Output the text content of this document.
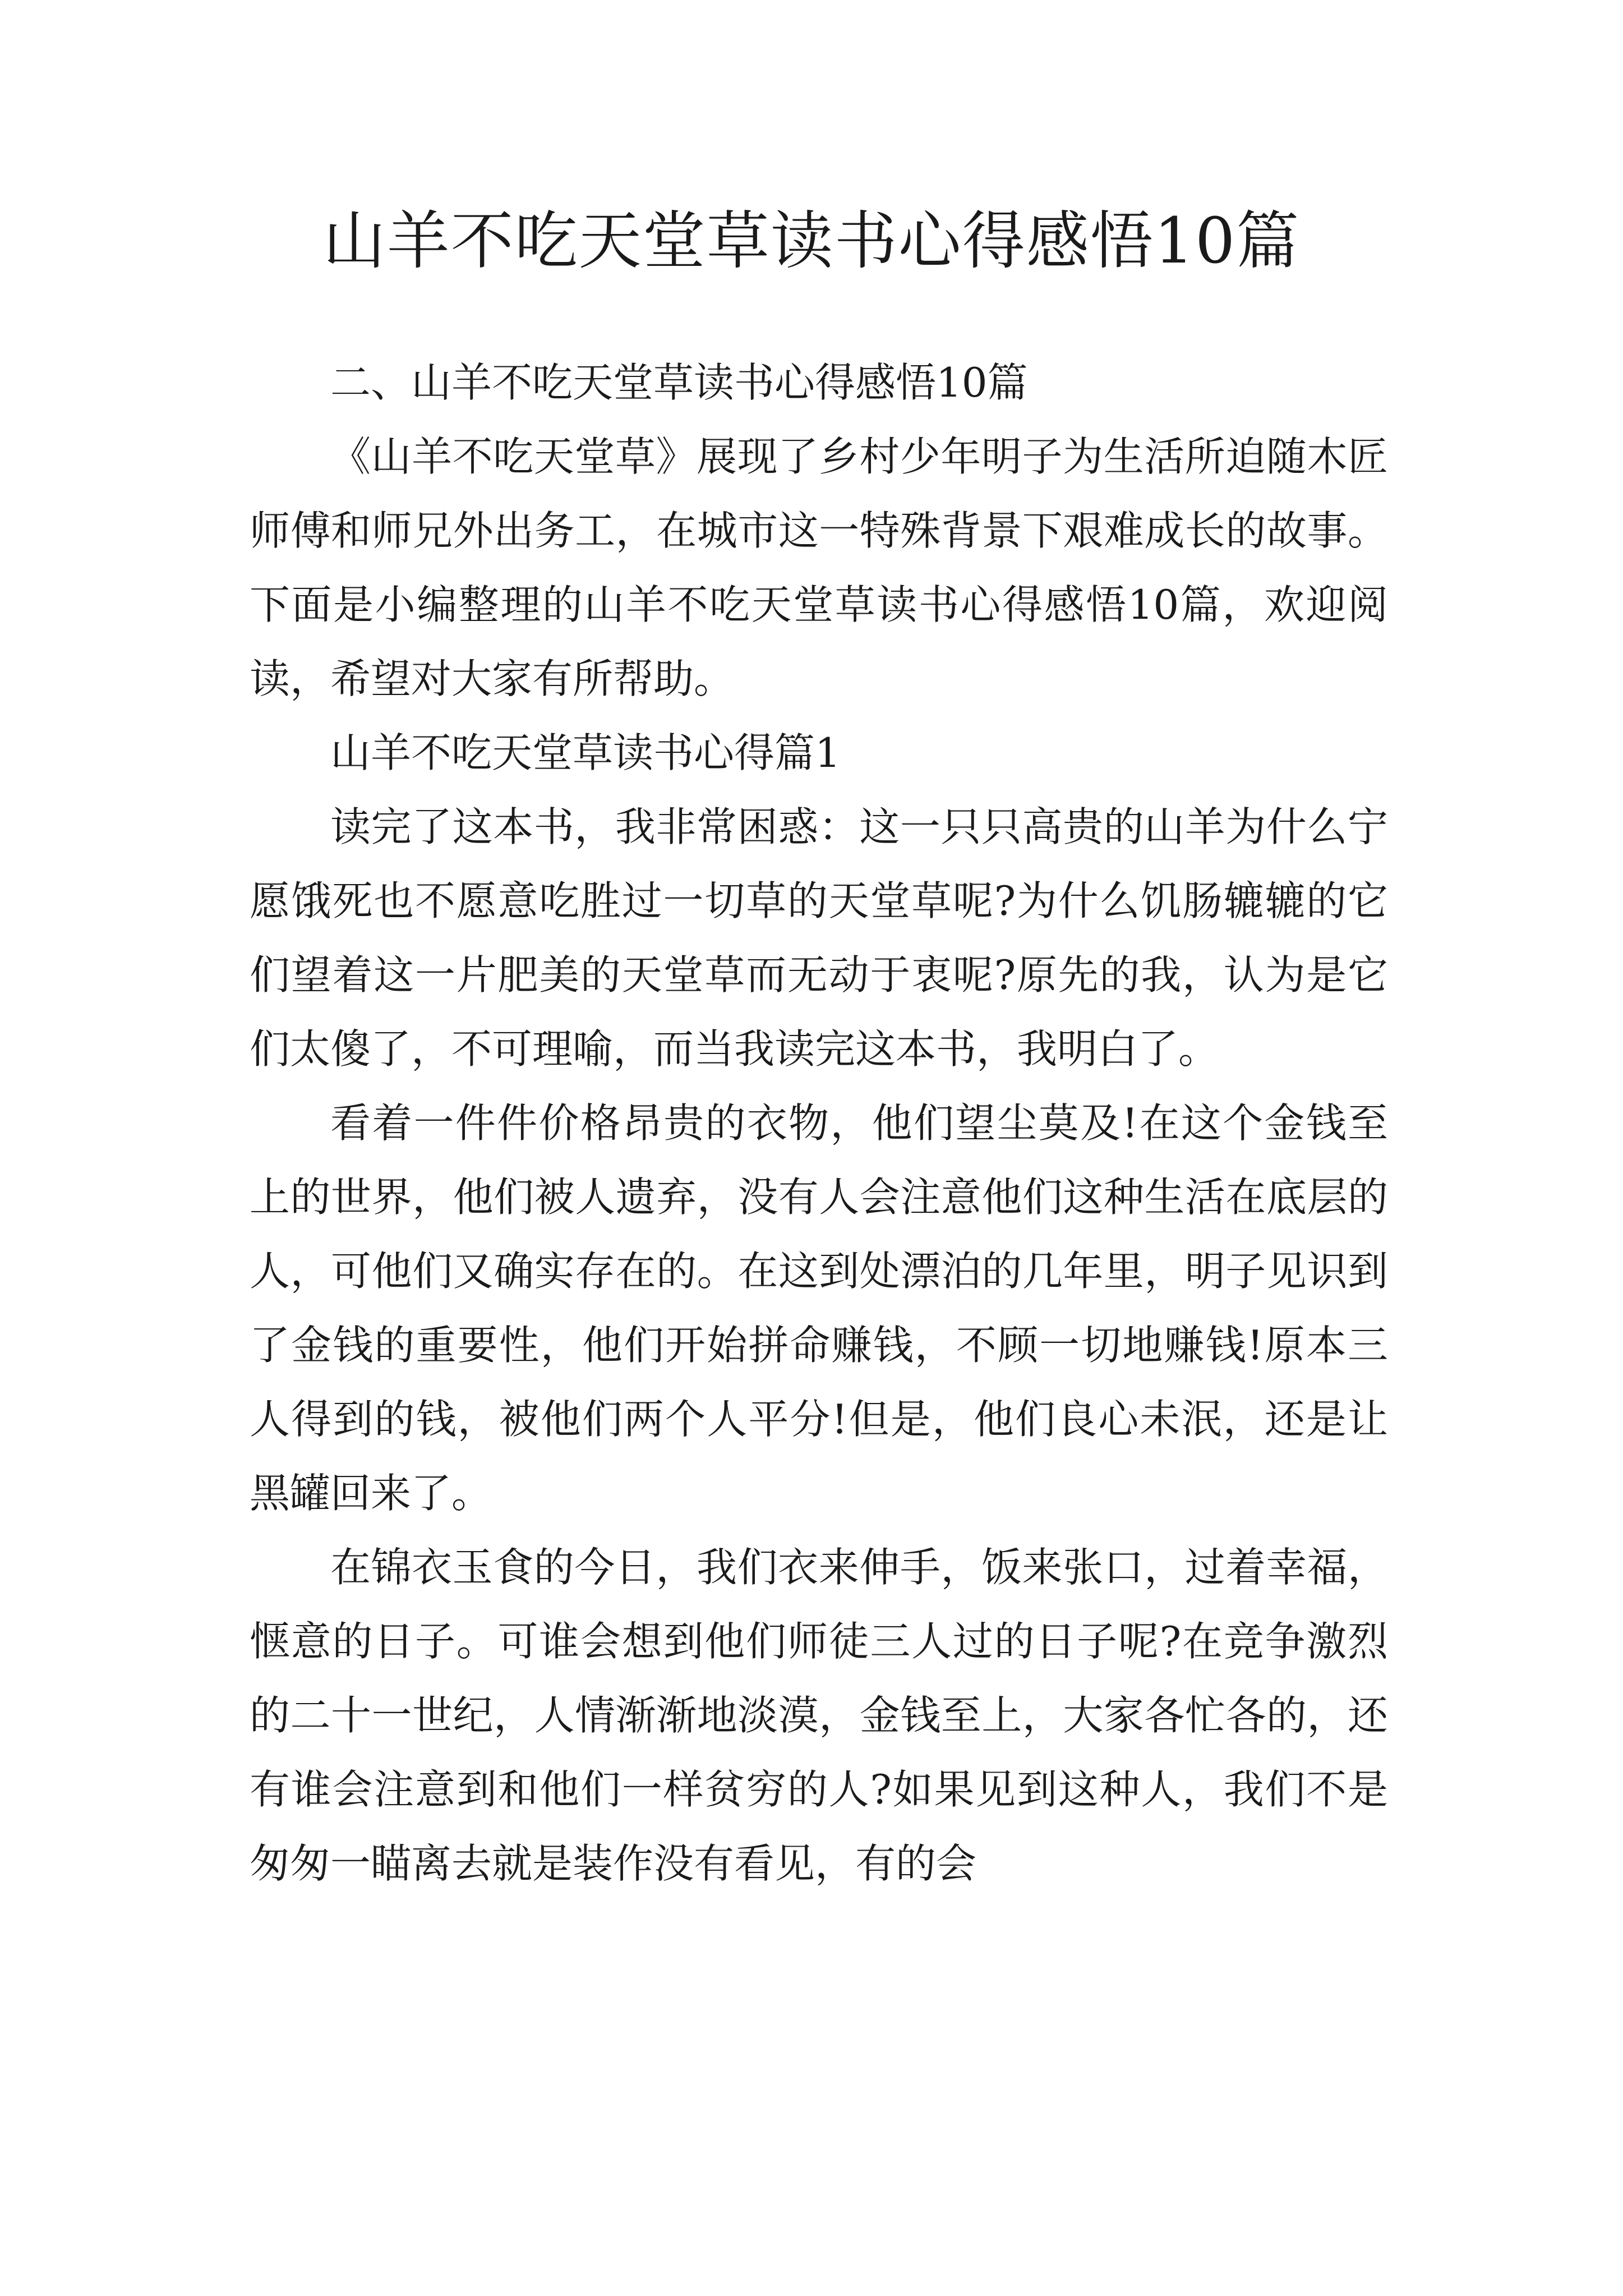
山羊不吃天堂草读书心得感悟10篇

二、山羊不吃天堂草读书心得感悟10篇

《山羊不吃天堂草》展现了乡村少年明子为生活所迫随木匠师傅和师兄外出务工，在城市这一特殊背景下艰难成长的故事。下面是小编整理的山羊不吃天堂草读书心得感悟10篇，欢迎阅读，希望对大家有所帮助。

山羊不吃天堂草读书心得篇1

读完了这本书，我非常困惑：这一只只高贵的山羊为什么宁愿饿死也不愿意吃胜过一切草的天堂草呢?为什么饥肠辘辘的它们望着这一片肥美的天堂草而无动于衷呢?原先的我，认为是它们太傻了，不可理喻，而当我读完这本书，我明白了。

看着一件件价格昂贵的衣物，他们望尘莫及!在这个金钱至上的世界，他们被人遗弃，没有人会注意他们这种生活在底层的人，可他们又确实存在的。在这到处漂泊的几年里，明子见识到了金钱的重要性，他们开始拼命赚钱，不顾一切地赚钱!原本三人得到的钱，被他们两个人平分!但是，他们良心未泯，还是让黑罐回来了。

在锦衣玉食的今日，我们衣来伸手，饭来张口，过着幸福，惬意的日子。可谁会想到他们师徒三人过的日子呢?在竞争激烈的二十一世纪，人情渐渐地淡漠，金钱至上，大家各忙各的，还有谁会注意到和他们一样贫穷的人?如果见到这种人，我们不是匆匆一瞄离去就是装作没有看见，有的会
